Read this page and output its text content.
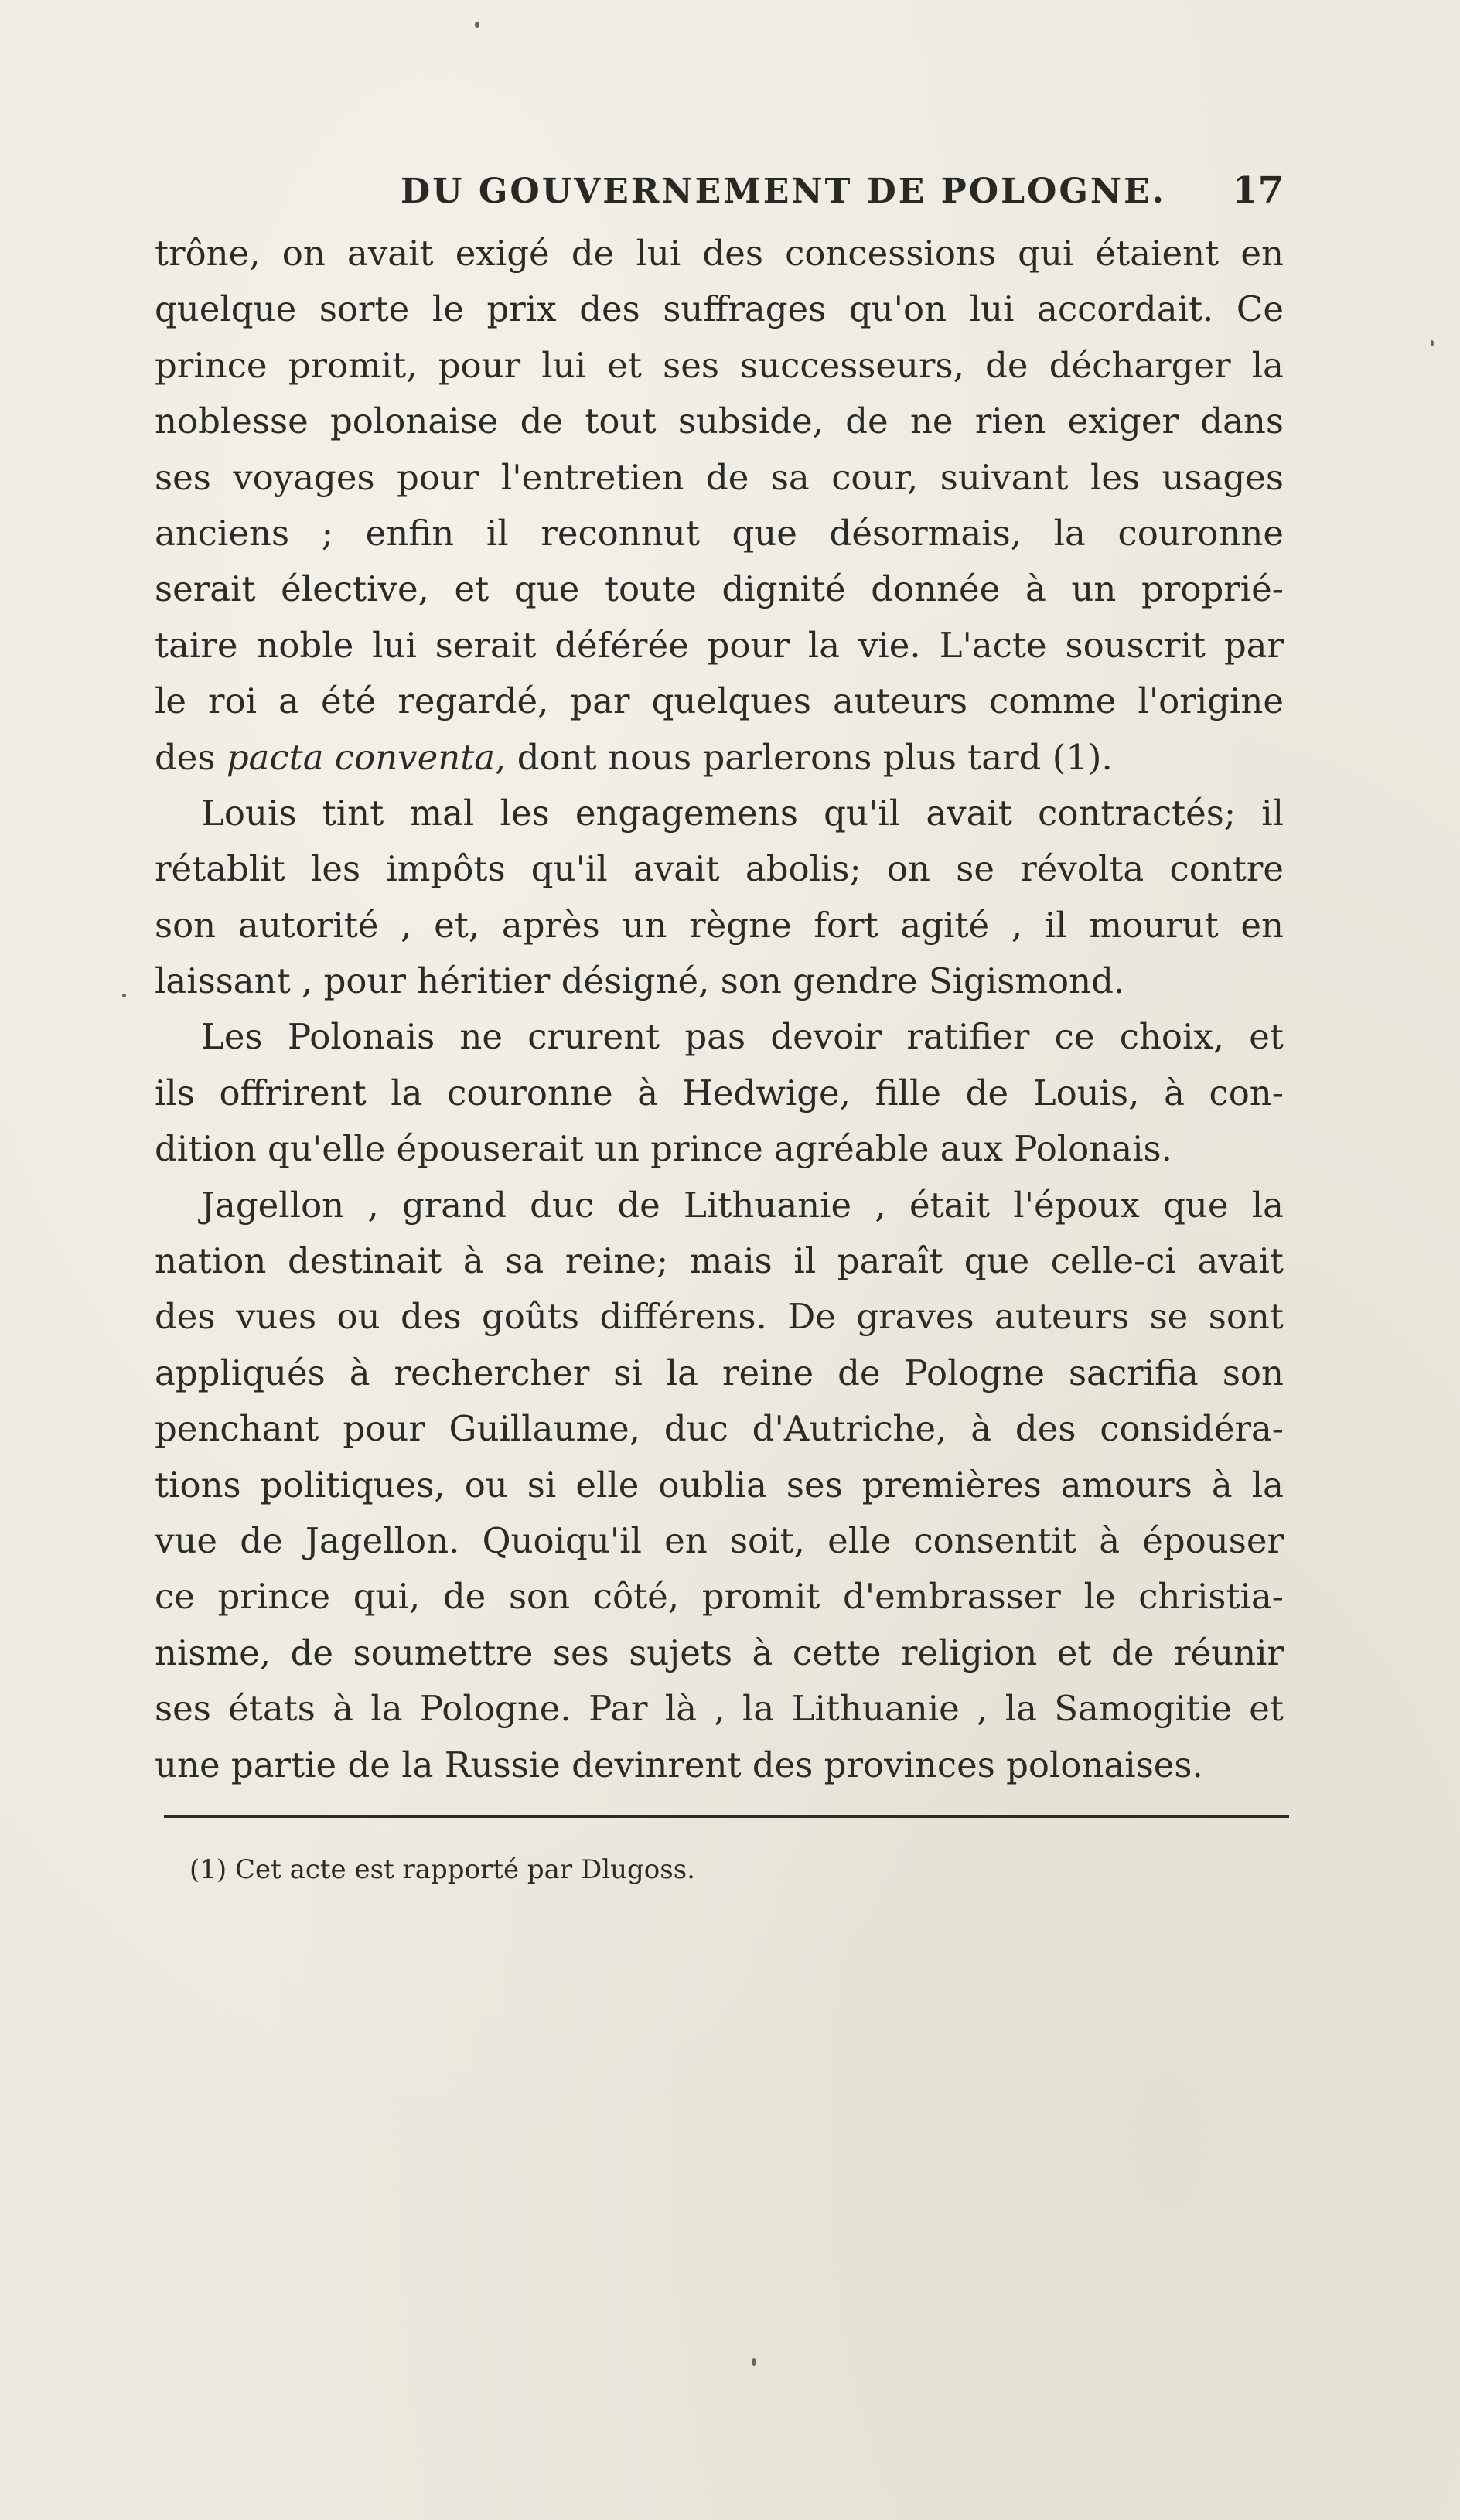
DU GOUVERNEMENT DE POLOGNE. 17
trône, on avait exigé de lui des concessions qui étaient en
quelque sorte le prix des suffrages qu'on lui accordait. Ce
prince promit, pour lui et ses successeurs, de décharger la
noblesse polonaise de tout subside, de ne rien exiger dans
ses voyages pour l'entretien de sa cour, suivant les usages
anciens ; enfin il reconnut que désormais, la couronne
serait élective, et que toute dignité donnée à un proprié-
taire noble lui serait déférée pour la vie. L'acte souscrit par
le roi a été regardé, par quelques auteurs comme l'origine
des pacta conventa, dont nous parlerons plus tard (1).
Louis tint mal les engagemens qu'il avait contractés; il
rétablit les impôts qu'il avait abolis; on se révolta contre
son autorité , et, après un règne fort agité , il mourut en
laissant , pour héritier désigné, son gendre Sigismond.
Les Polonais ne crurent pas devoir ratifier ce choix, et
ils offrirent la couronne à Hedwige, fille de Louis, à con-
dition qu'elle épouserait un prince agréable aux Polonais.
Jagellon , grand duc de Lithuanie , était l'époux que la
nation destinait à sa reine; mais il paraît que celle-ci avait
des vues ou des goûts différens. De graves auteurs se sont
appliqués à rechercher si la reine de Pologne sacrifia son
penchant pour Guillaume, duc d'Autriche, à des considéra-
tions politiques, ou si elle oublia ses premières amours à la
vue de Jagellon. Quoiqu'il en soit, elle consentit à épouser
ce prince qui, de son côté, promit d'embrasser le christia-
nisme, de soumettre ses sujets à cette religion et de réunir
ses états à la Pologne. Par là , la Lithuanie , la Samogitie et
une partie de la Russie devinrent des provinces polonaises.
(1) Cet acte est rapporté par Dlugoss.
